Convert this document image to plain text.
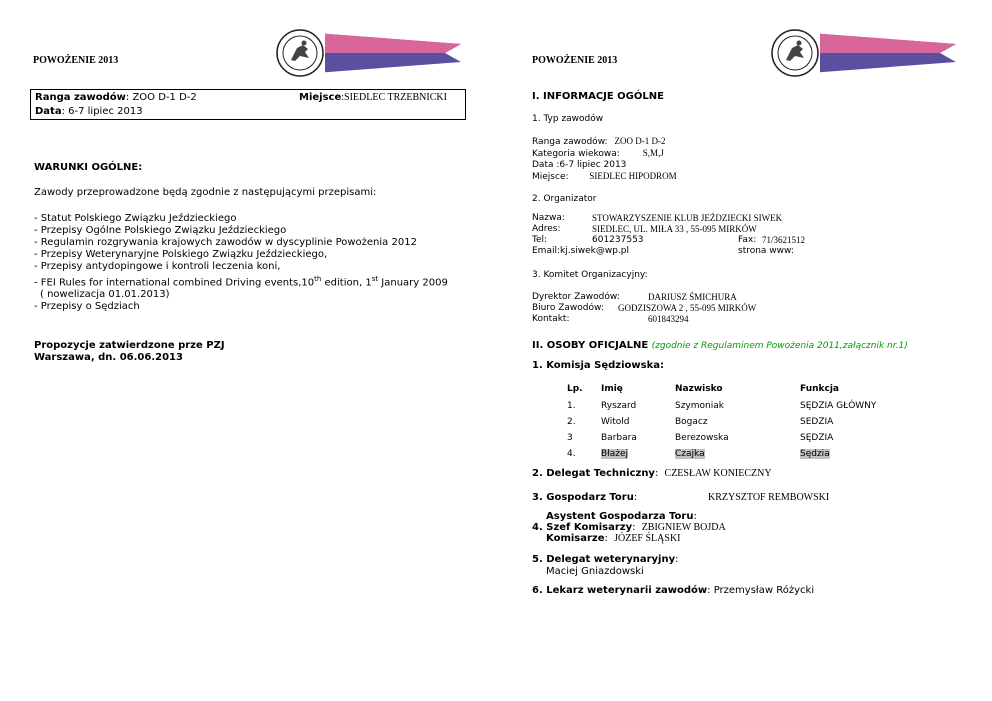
POWOŻENIE 2013
Ranga zawodów: ZOO D-1 D-2	Miejsce:SIEDLEC TRZEBNICKI
Data: 6-7 lipiec 2013
WARUNKI OGÓLNE:
Zawody przeprowadzone będą zgodnie z następującymi przepisami:
- Statut Polskiego Związku Jeździeckiego
- Przepisy Ogólne Polskiego Związku Jeździeckiego
- Regulamin rozgrywania krajowych zawodów w dyscyplinie Powożenia 2012
- Przepisy Weterynaryjne Polskiego Związku Jeździeckiego,
- Przepisy antydopingowe i kontroli leczenia koni,
- FEI Rules for international combined Driving events,10th edition, 1st January 2009
( nowelizacja 01.01.2013)
- Przepisy o Sędziach
Propozycje zatwierdzone prze PZJ
Warszawa, dn. 06.06.2013
POWOŻENIE 2013
I. INFORMACJE OGÓLNE
1. Typ zawodów
Ranga zawodów: ZOO D-1 D-2
Kategoria wiekowa:	S,M,J
Data :6-7 lipiec 2013
Miejsce: SIEDLEC HIPODROM
2. Organizator
Nazwa:	STOWARZYSZENIE KLUB JEŹDZIECKI SIWEK
Adres:	SIEDLEC, UL. MIŁA 33 , 55-095 MIRKÓW
Tel:	601237553	Fax: 71/3621512
Email:kj.siwek@wp.pl	strona www:
3. Komitet Organizacyjny:
Dyrektor Zawodów:	DARIUSZ ŚMICHURA
Biuro Zawodów: GODZISZOWA 2 , 55-095 MIRKÓW
Kontakt:	601843294
II. OSOBY OFICJALNE (zgodnie z Regulaminem Powożenia 2011,załącznik nr.1)
1. Komisja Sędziowska:
Lp. Imię	Nazwisko	Funkcja
1.	Ryszard	Szymoniak	SĘDZIA GŁÓWNY
2.	Witold	Bogacz	SEDZIA
3	Barbara	Berezowska	SĘDZIA
4.	Błażej	Czajka	Sędzia
2. Delegat Techniczny: CZESŁAW KONIECZNY
3. Gospodarz Toru:	KRZYSZTOF REMBOWSKI
Asystent Gospodarza Toru:
4. Szef Komisarzy: ZBIGNIEW BOJDA
Komisarze: JÓZEF ŚLĄSKI
5. Delegat weterynaryjny:
Maciej Gniazdowski
6. Lekarz weterynarii zawodów: Przemysław Różycki
